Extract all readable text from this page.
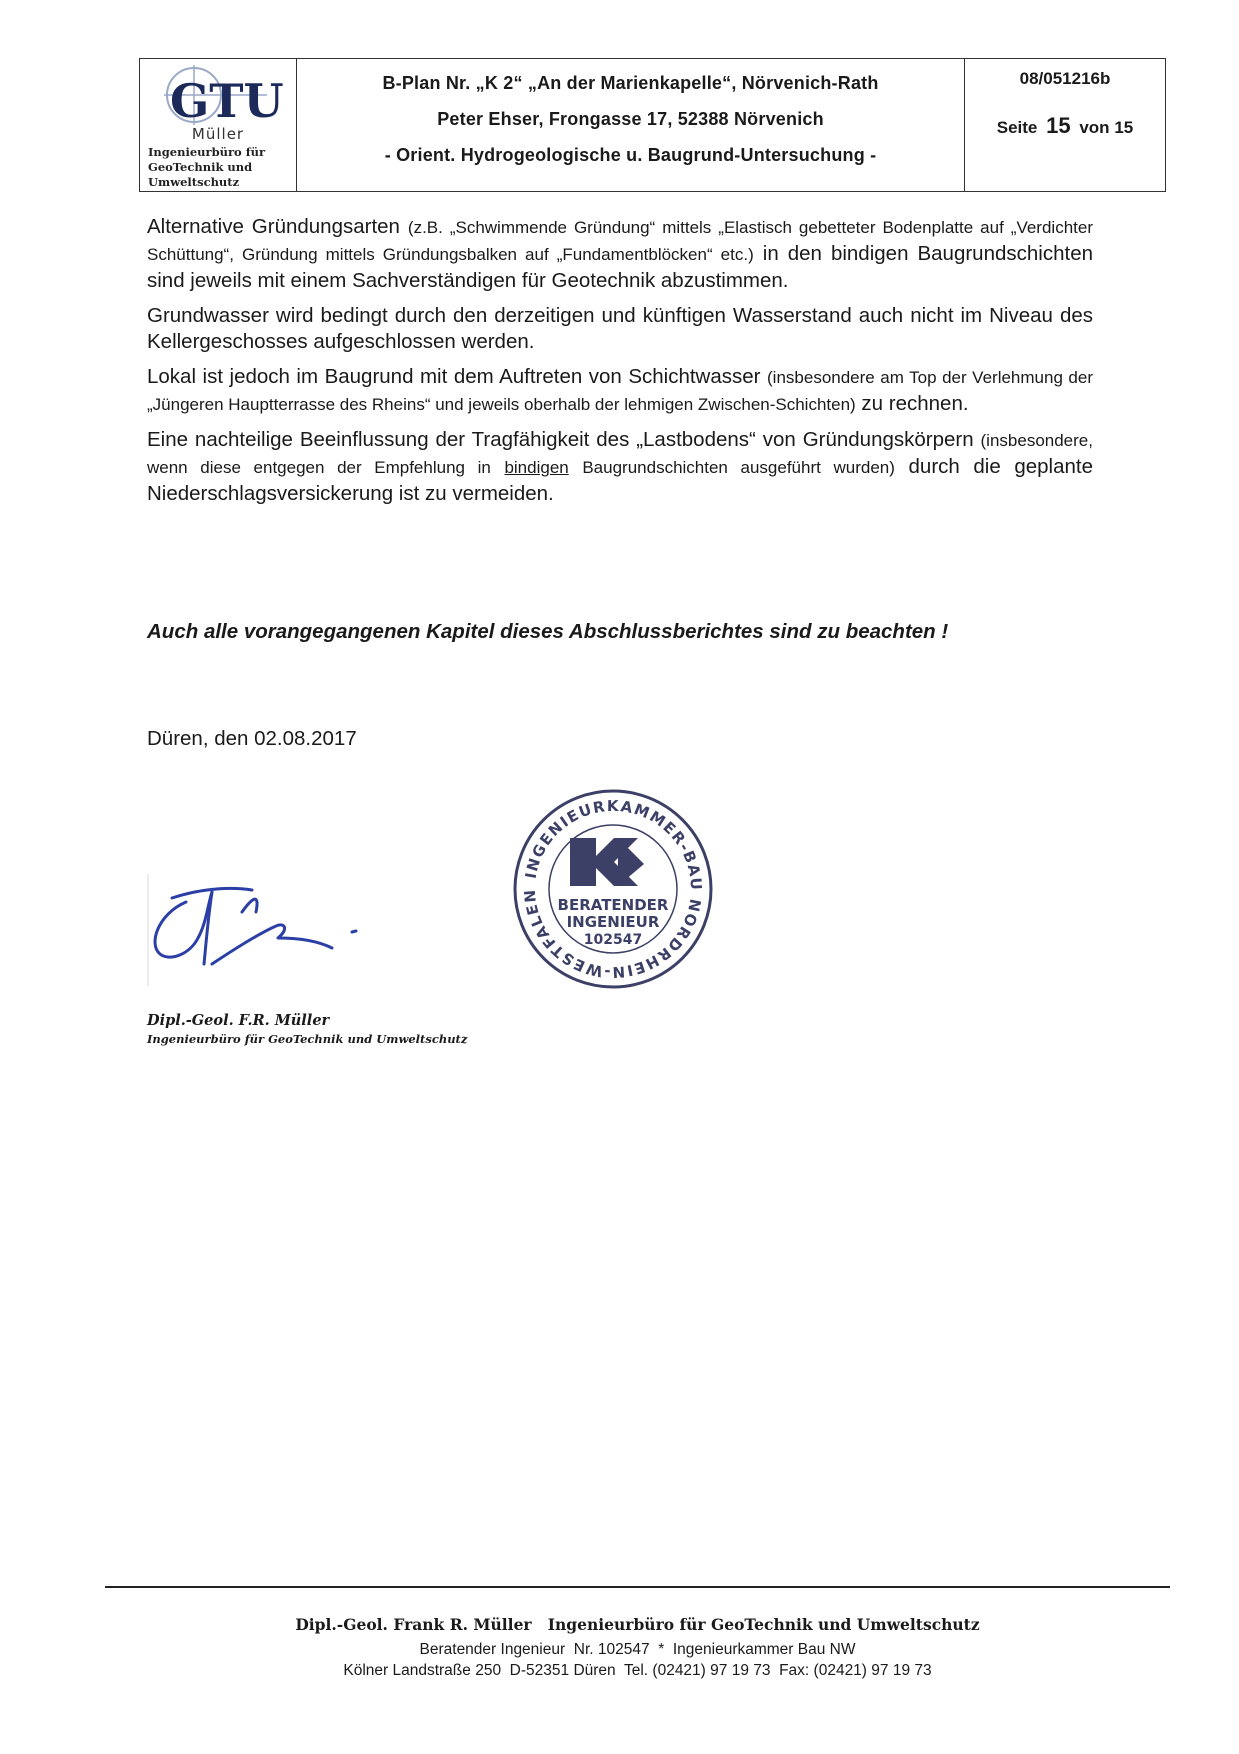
GTU
Müller
Ingenieurbüro für
GeoTechnik und
Umweltschutz
B-Plan Nr. „K 2“ „An der Marienkapelle“, Nörvenich-Rath
Peter Ehser, Frongasse 17, 52388 Nörvenich
- Orient. Hydrogeologische u. Baugrund-Untersuchung -
08/051216b
Seite 15 von 15

Alternative Gründungsarten (z.B. „Schwimmende Gründung“ mittels „Elastisch gebetteter Bodenplatte auf „Verdichter Schüttung“, Gründung mittels Gründungsbalken auf „Fundamentblöcken“ etc.) in den bindigen Baugrundschichten sind jeweils mit einem Sachverständigen für Geotechnik abzustimmen.

Grundwasser wird bedingt durch den derzeitigen und künftigen Wasserstand auch nicht im Niveau des Kellergeschosses aufgeschlossen werden.

Lokal ist jedoch im Baugrund mit dem Auftreten von Schichtwasser (insbesondere am Top der Verlehmung der „Jüngeren Hauptterrasse des Rheins“ und jeweils oberhalb der lehmigen Zwischen-Schichten) zu rechnen.

Eine nachteilige Beeinflussung der Tragfähigkeit des „Lastbodens“ von Gründungskörpern (insbesondere, wenn diese entgegen der Empfehlung in bindigen Baugrundschichten ausgeführt wurden) durch die geplante Niederschlagsversickerung ist zu vermeiden.

Auch alle vorangegangenen Kapitel dieses Abschlussberichtes sind zu beachten !
Düren, den 02.08.2017
INGENIEURKAMMER-BAU NORDRHEIN-WESTFALEN
BERATENDER
INGENIEUR
102547
Dipl.-Geol. F.R. Müller
Ingenieurbüro für GeoTechnik und Umweltschutz
Dipl.-Geol. Frank R. Müller   Ingenieurbüro für GeoTechnik und Umweltschutz
Beratender Ingenieur  Nr. 102547  *  Ingenieurkammer Bau NW
Kölner Landstraße 250  D-52351 Düren  Tel. (02421) 97 19 73  Fax: (02421) 97 19 73
